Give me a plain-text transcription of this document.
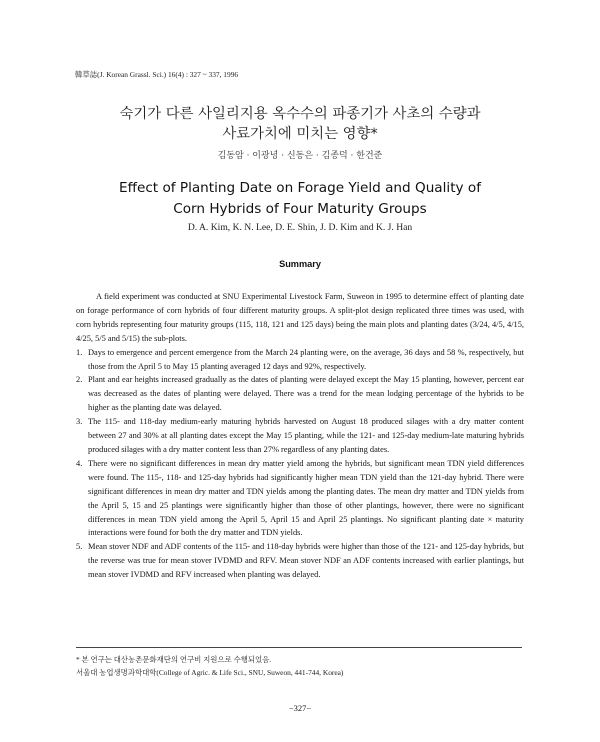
韓草誌(J. Korean Grassl. Sci.) 16(4) : 327 ~ 337, 1996
숙기가 다른 사일리지용 옥수수의 파종기가 사초의 수량과
사료가치에 미치는 영향*
김동암 · 이광녕 · 신동은 · 김종덕 · 한건준
Effect of Planting Date on Forage Yield and Quality of
Corn Hybrids of Four Maturity Groups
D. A. Kim, K. N. Lee, D. E. Shin, J. D. Kim and K. J. Han
Summary

A field experiment was conducted at SNU Experimental Livestock Farm, Suweon in 1995 to determine effect of planting date on forage performance of corn hybrids of four different maturity groups. A split-plot design replicated three times was used, with corn hybrids representing four maturity groups (115, 118, 121 and 125 days) being the main plots and planting dates (3/24, 4/5, 4/15, 4/25, 5/5 and 5/15) the sub-plots.

1. Days to emergence and percent emergence from the March 24 planting were, on the average, 36 days and 58 %, respectively, but those from the April 5 to May 15 planting averaged 12 days and 92%, respectively.
2. Plant and ear heights increased gradually as the dates of planting were delayed except the May 15 planting, however, percent ear was decreased as the dates of planting were delayed. There was a trend for the mean lodging percentage of the hybrids to be higher as the planting date was delayed.
3. The 115- and 118-day medium-early maturing hybrids harvested on August 18 produced silages with a dry matter content between 27 and 30% at all planting dates except the May 15 planting, while the 121- and 125-day medium-late maturing hybrids produced silages with a dry matter content less than 27% regardless of any planting dates.
4. There were no significant differences in mean dry matter yield among the hybrids, but significant mean TDN yield differences were found. The 115-, 118- and 125-day hybrids had significantly higher mean TDN yield than the 121-day hybrid. There were significant differences in mean dry matter and TDN yields among the planting dates. The mean dry matter and TDN yields from the April 5, 15 and 25 plantings were significantly higher than those of other plantings, however, there were no significant differences in mean TDN yield among the April 5, April 15 and April 25 plantings. No significant planting date × maturity interactions were found for both the dry matter and TDN yields.
5. Mean stover NDF and ADF contents of the 115- and 118-day hybrids were higher than those of the 121- and 125-day hybrids, but the reverse was true for mean stover IVDMD and RFV. Mean stover NDF an ADF contents increased with earlier plantings, but mean stover IVDMD and RFV increased when planting was delayed.
* 본 연구는 대산농촌문화재단의 연구비 지원으로 수행되었음.
서울대 농업생명과학대학(College of Agric. & Life Sci., SNU, Suweon, 441-744, Korea)
−327−
